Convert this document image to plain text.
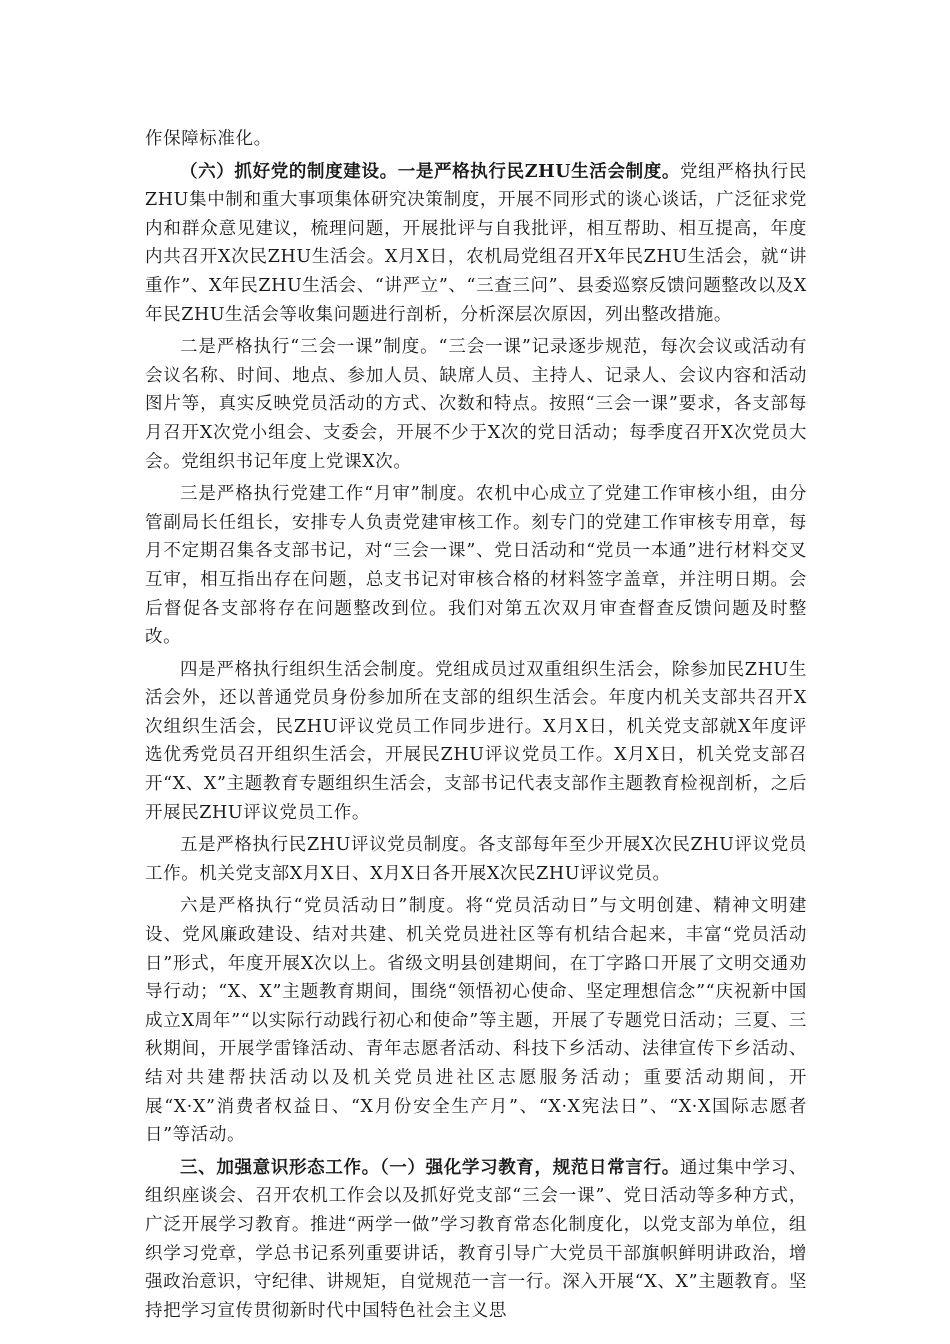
作保障标准化。

（六）抓好党的制度建设。一是严格执行民ZHU生活会制度。党组严格执行民ZHU集中制和重大事项集体研究决策制度，开展不同形式的谈心谈话，广泛征求党内和群众意见建议，梳理问题，开展批评与自我批评，相互帮助、相互提高，年度内共召开X次民ZHU生活会。X月X日，农机局党组召开X年民ZHU生活会，就“讲重作”、X年民ZHU生活会、“讲严立”、“三查三问”、县委巡察反馈问题整改以及X年民ZHU生活会等收集问题进行剖析，分析深层次原因，列出整改措施。

二是严格执行“三会一课”制度。“三会一课”记录逐步规范，每次会议或活动有会议名称、时间、地点、参加人员、缺席人员、主持人、记录人、会议内容和活动图片等，真实反映党员活动的方式、次数和特点。按照“三会一课”要求，各支部每月召开X次党小组会、支委会，开展不少于X次的党日活动；每季度召开X次党员大会。党组织书记年度上党课X次。

三是严格执行党建工作“月审”制度。农机中心成立了党建工作审核小组，由分管副局长任组长，安排专人负责党建审核工作。刻专门的党建工作审核专用章，每月不定期召集各支部书记，对“三会一课”、党日活动和“党员一本通”进行材料交叉互审，相互指出存在问题，总支书记对审核合格的材料签字盖章，并注明日期。会后督促各支部将存在问题整改到位。我们对第五次双月审查督查反馈问题及时整改。

四是严格执行组织生活会制度。党组成员过双重组织生活会，除参加民ZHU生活会外，还以普通党员身份参加所在支部的组织生活会。年度内机关支部共召开X次组织生活会，民ZHU评议党员工作同步进行。X月X日，机关党支部就X年度评选优秀党员召开组织生活会，开展民ZHU评议党员工作。X月X日，机关党支部召开“X、X”主题教育专题组织生活会，支部书记代表支部作主题教育检视剖析，之后开展民ZHU评议党员工作。

五是严格执行民ZHU评议党员制度。各支部每年至少开展X次民ZHU评议党员工作。机关党支部X月X日、X月X日各开展X次民ZHU评议党员。

六是严格执行“党员活动日”制度。将“党员活动日”与文明创建、精神文明建设、党风廉政建设、结对共建、机关党员进社区等有机结合起来，丰富“党员活动日”形式，年度开展X次以上。省级文明县创建期间，在丁字路口开展了文明交通劝导行动；“X、X”主题教育期间，围绕“领悟初心使命、坚定理想信念”“庆祝新中国成立X周年”“以实际行动践行初心和使命”等主题，开展了专题党日活动；三夏、三秋期间，开展学雷锋活动、青年志愿者活动、科技下乡活动、法律宣传下乡活动、结对共建帮扶活动以及机关党员进社区志愿服务活动；重要活动期间，开展“X·X”消费者权益日、“X月份安全生产月”、“X·X宪法日”、“X·X国际志愿者日”等活动。

三、加强意识形态工作。（一）强化学习教育，规范日常言行。通过集中学习、组织座谈会、召开农机工作会以及抓好党支部“三会一课”、党日活动等多种方式，广泛开展学习教育。推进“两学一做”学习教育常态化制度化，以党支部为单位，组织学习党章，学总书记系列重要讲话，教育引导广大党员干部旗帜鲜明讲政治，增强政治意识，守纪律、讲规矩，自觉规范一言一行。深入开展“X、X”主题教育。坚持把学习宣传贯彻新时代中国特色社会主义思
